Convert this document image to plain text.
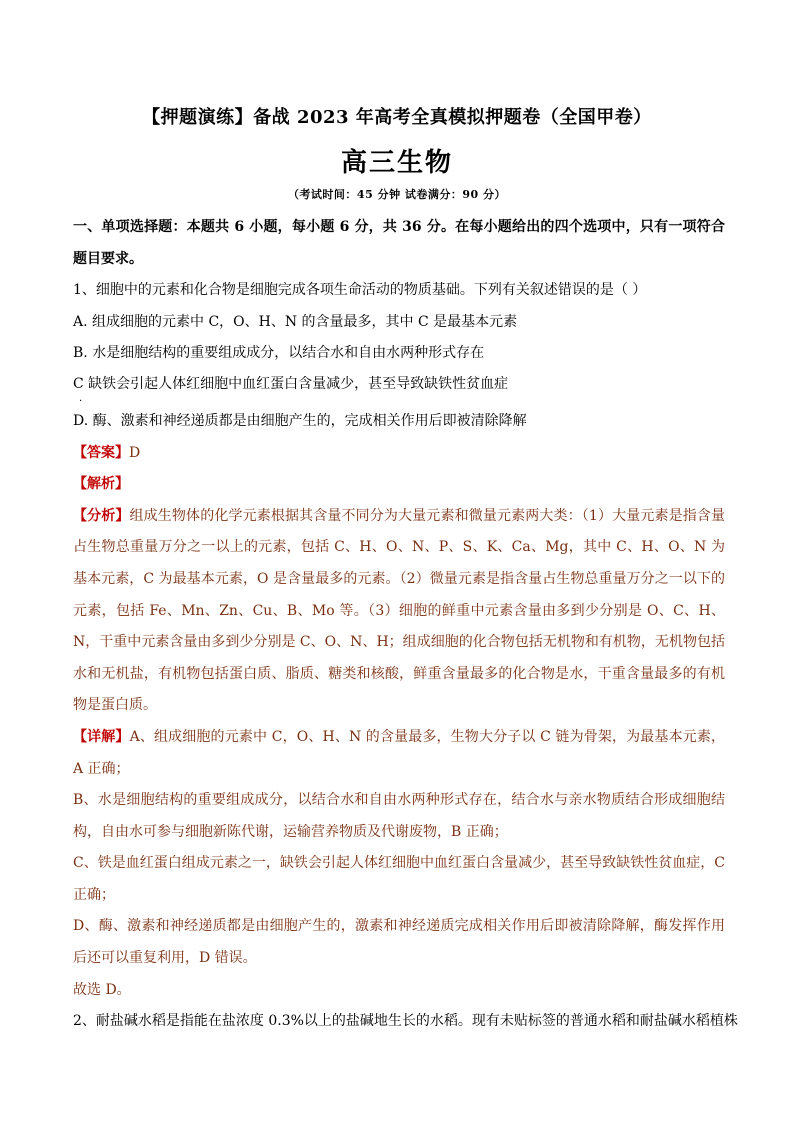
【押题演练】备战 2023 年高考全真模拟押题卷（全国甲卷）
高三生物
（考试时间：45 分钟 试卷满分：90 分）

一、单项选择题：本题共 6 小题，每小题 6 分，共 36 分。在每小题给出的四个选项中，只有一项符合题目要求。

1、细胞中的元素和化合物是细胞完成各项生命活动的物质基础。下列有关叙述错误的是（ ）

A. 组成细胞的元素中 C，O、H、N 的含量最多，其中 C 是最基本元素

B. 水是细胞结构的重要组成成分，以结合水和自由水两种形式存在

C 缺铁会引起人体红细胞中血红蛋白含量减少，甚至导致缺铁性贫血症

·

D. 酶、激素和神经递质都是由细胞产生的，完成相关作用后即被清除降解

【答案】D

【解析】

【分析】组成生物体的化学元素根据其含量不同分为大量元素和微量元素两大类：（1）大量元素是指含量占生物总重量万分之一以上的元素，包括 C、H、O、N、P、S、K、Ca、Mg，其中 C、H、O、N 为基本元素，C 为最基本元素，O 是含量最多的元素。（2）微量元素是指含量占生物总重量万分之一以下的元素，包括 Fe、Mn、Zn、Cu、B、Mo 等。（3）细胞的鲜重中元素含量由多到少分别是 O、C、H、N，干重中元素含量由多到少分别是 C、O、N、H；组成细胞的化合物包括无机物和有机物，无机物包括水和无机盐，有机物包括蛋白质、脂质、糖类和核酸，鲜重含量最多的化合物是水，干重含量最多的有机物是蛋白质。

【详解】A、组成细胞的元素中 C，O、H、N 的含量最多，生物大分子以 C 链为骨架，为最基本元素，A 正确；

B、水是细胞结构的重要组成成分，以结合水和自由水两种形式存在，结合水与亲水物质结合形成细胞结构，自由水可参与细胞新陈代谢，运输营养物质及代谢废物，B 正确；

C、铁是血红蛋白组成元素之一，缺铁会引起人体红细胞中血红蛋白含量减少，甚至导致缺铁性贫血症，C 正确；

D、酶、激素和神经递质都是由细胞产生的，激素和神经递质完成相关作用后即被清除降解，酶发挥作用后还可以重复利用，D 错误。

故选 D。

2、耐盐碱水稻是指能在盐浓度 0.3%以上的盐碱地生长的水稻。现有未贴标签的普通水稻和耐盐碱水稻植株
